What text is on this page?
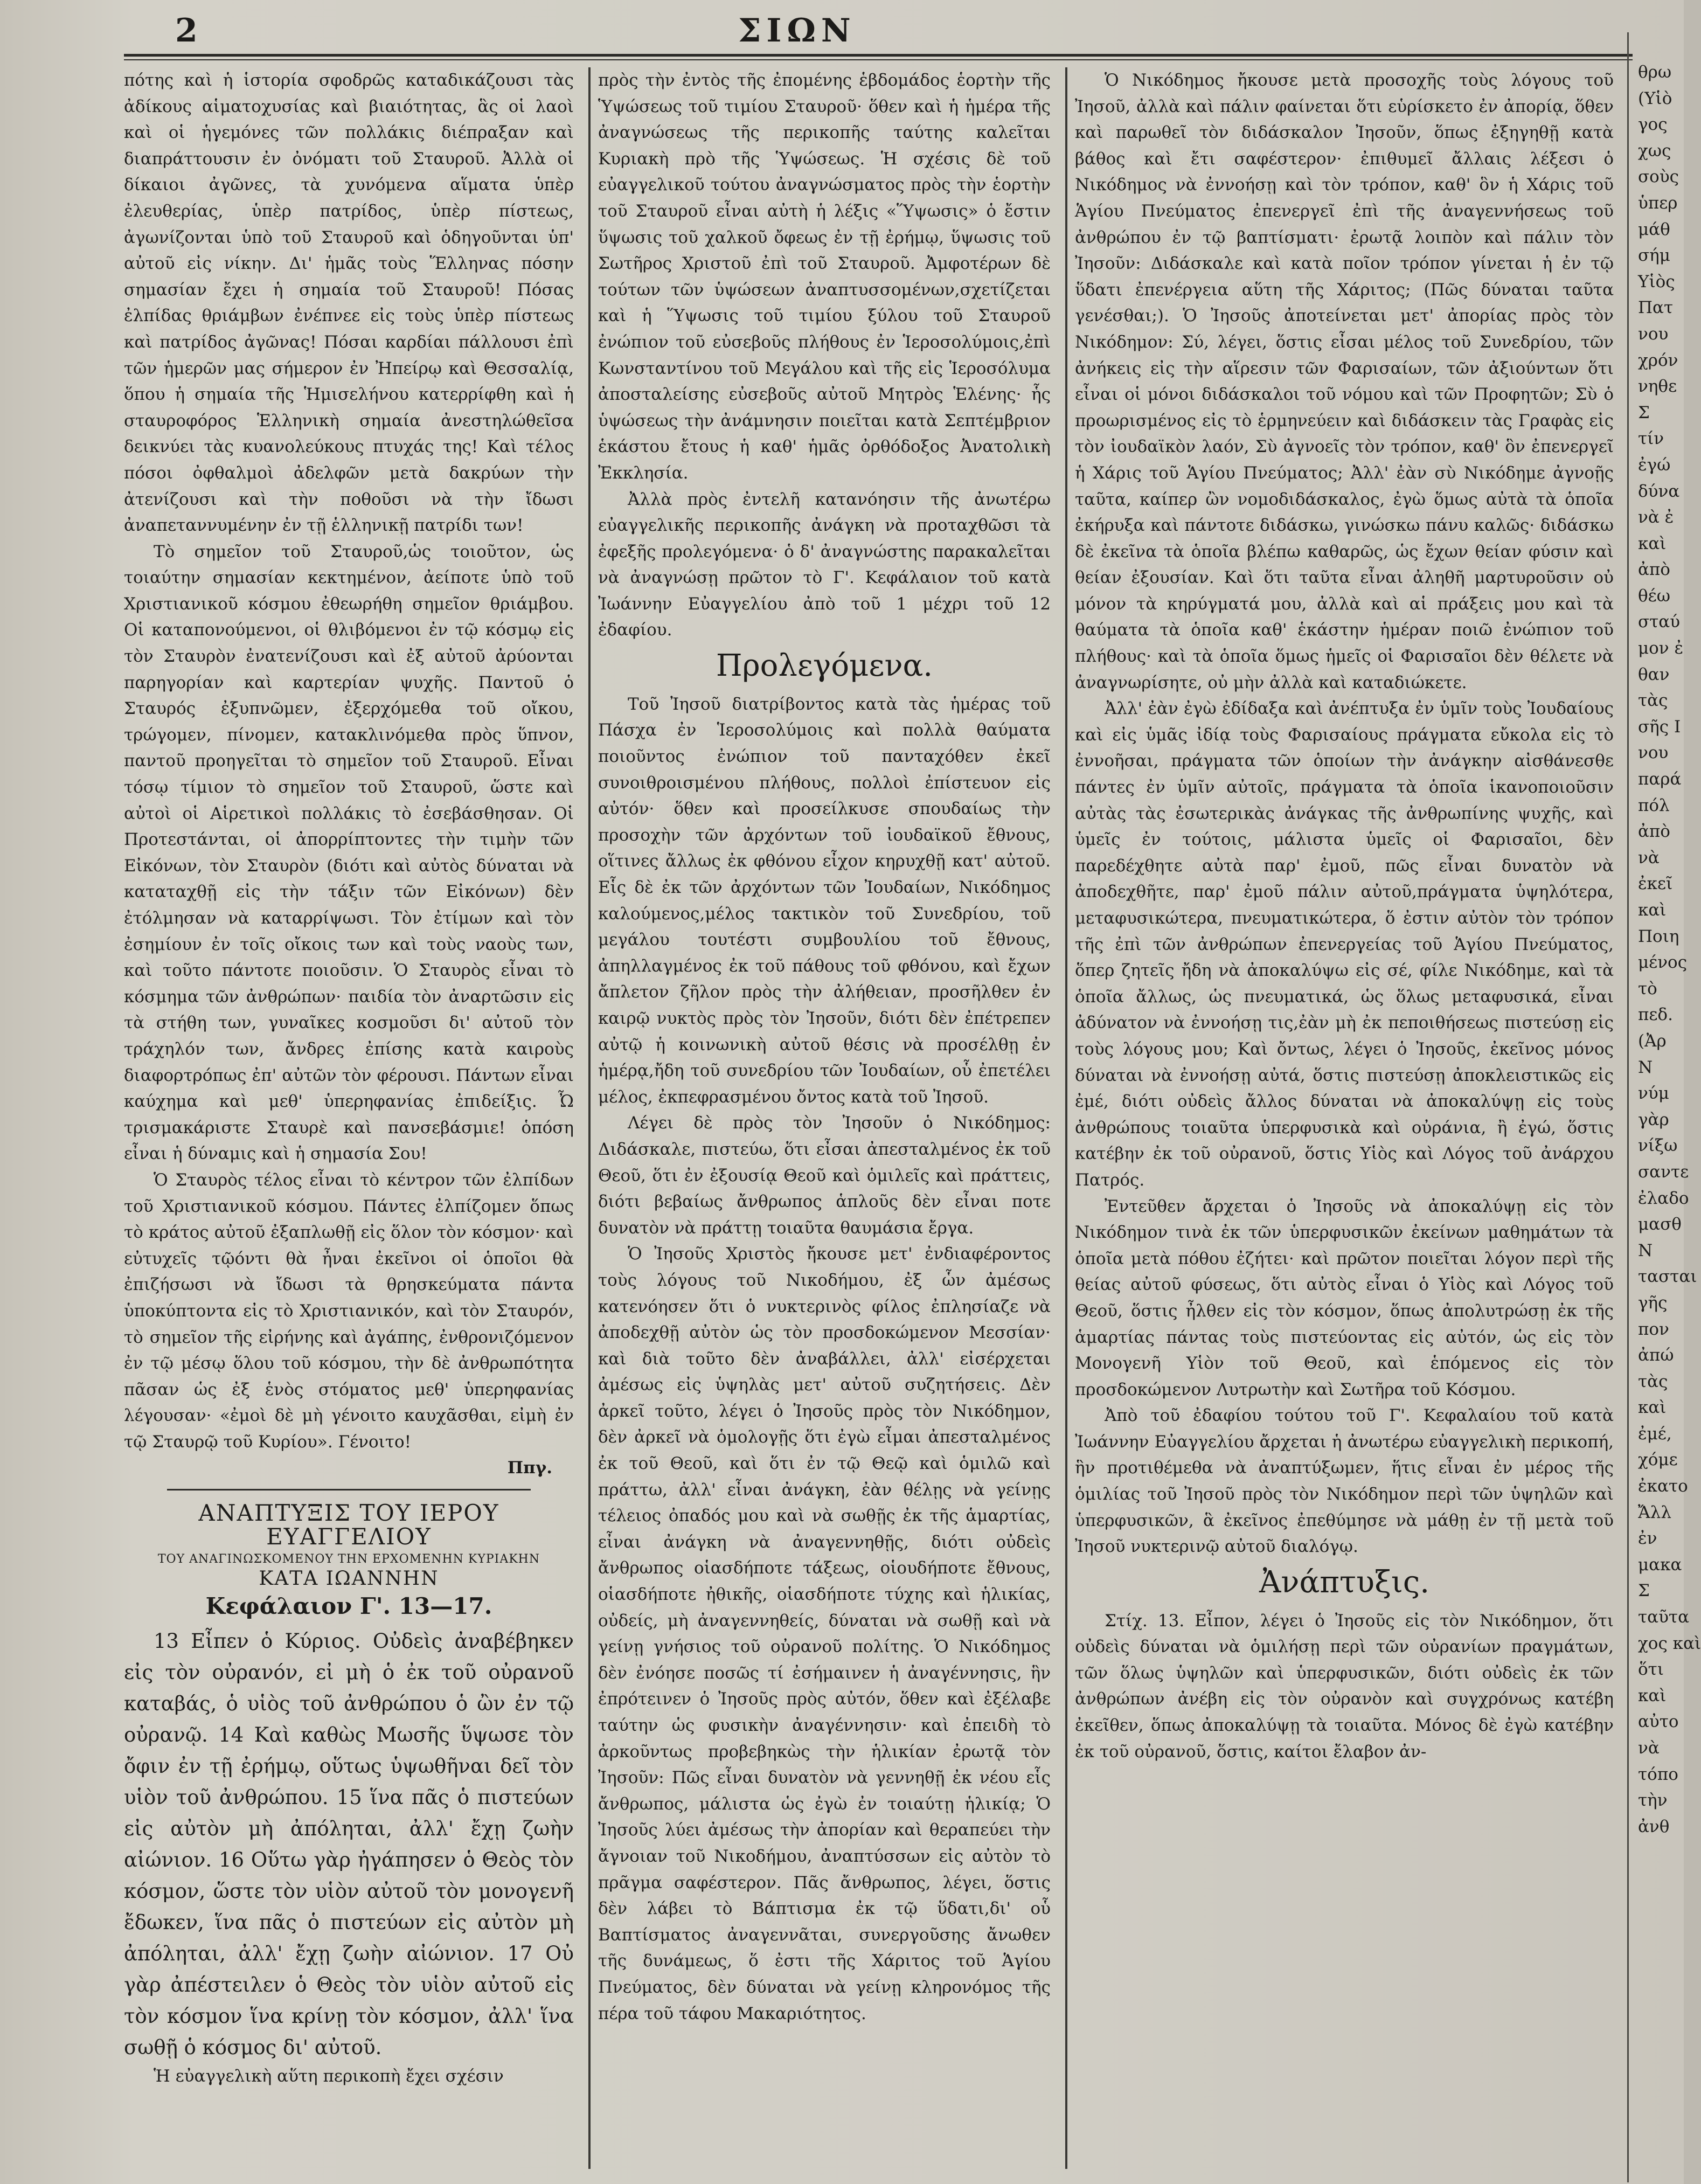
2	ΣΙΩΝ

πότης καὶ ἡ ἱστορία σφοδρῶς καταδικάζουσι τὰς ἀδίκους αἱματοχυσίας καὶ βιαιότητας, ἃς οἱ λαοὶ καὶ οἱ ἡγεμόνες τῶν πολλάκις διέπραξαν καὶ διαπράττουσιν ἐν ὀνόματι τοῦ Σταυροῦ. Ἀλλὰ οἱ δίκαιοι ἀγῶνες, τὰ χυνόμενα αἵματα ὑπὲρ ἐλευθερίας, ὑπὲρ πατρίδος, ὑπὲρ πίστεως, ἀγωνίζονται ὑπὸ τοῦ Σταυροῦ καὶ ὁδηγοῦνται ὑπ' αὐτοῦ εἰς νίκην. Δι' ἡμᾶς τοὺς Ἕλληνας πόσην σημασίαν ἔχει ἡ σημαία τοῦ Σταυροῦ! Πόσας ἐλπίδας θριάμβων ἐνέπνεε εἰς τοὺς ὑπὲρ πίστεως καὶ πατρίδος ἀγῶνας! Πόσαι καρδίαι πάλλουσι ἐπὶ τῶν ἡμερῶν μας σήμερον ἐν Ἠπείρῳ καὶ Θεσσαλίᾳ, ὅπου ἡ σημαία τῆς Ἡμισελήνου κατερρίφθη καὶ ἡ σταυροφόρος Ἑλληνικὴ σημαία ἀνεστηλώθεῖσα δεικνύει τὰς κυανολεύκους πτυχάς της! Καὶ τέλος πόσοι ὀφθαλμοὶ ἀδελφῶν μετὰ δακρύων τὴν ἀτενίζουσι καὶ τὴν ποθοῦσι νὰ τὴν ἴδωσι ἀναπεταννυμένην ἐν τῇ ἑλληνικῇ πατρίδι των!

Τὸ σημεῖον τοῦ Σταυροῦ,ὡς τοιοῦτον, ὡς τοιαύτην σημασίαν κεκτημένον, ἀείποτε ὑπὸ τοῦ Χριστιανικοῦ κόσμου ἐθεωρήθη σημεῖον θριάμβου. Οἱ καταπονούμενοι, οἱ θλιβόμενοι ἐν τῷ κόσμῳ εἰς τὸν Σταυρὸν ἐνατενίζουσι καὶ ἐξ αὐτοῦ ἀρύονται παρηγορίαν καὶ καρτερίαν ψυχῆς. Παντοῦ ὁ Σταυρός ἐξυπνῶμεν, ἐξερχόμεθα τοῦ οἴκου, τρώγομεν, πίνομεν, κατακλινόμεθα πρὸς ὕπνον, παντοῦ προηγεῖται τὸ σημεῖον τοῦ Σταυροῦ. Εἶναι τόσῳ τίμιον τὸ σημεῖον τοῦ Σταυροῦ, ὥστε καὶ αὐτοὶ οἱ Αἱρετικοὶ πολλάκις τὸ ἐσεβάσθησαν. Οἱ Προτεστάνται, οἱ ἀπορρίπτοντες τὴν τιμὴν τῶν Εἰκόνων, τὸν Σταυρὸν (διότι καὶ αὐτὸς δύναται νὰ καταταχθῇ εἰς τὴν τάξιν τῶν Εἰκόνων) δὲν ἐτόλμησαν νὰ καταρρίψωσι. Τὸν ἐτίμων καὶ τὸν ἐσημίουν ἐν τοῖς οἴκοις των καὶ τοὺς ναοὺς των, καὶ τοῦτο πάντοτε ποιοῦσιν. Ὁ Σταυρὸς εἶναι τὸ κόσμημα τῶν ἀνθρώπων· παιδία τὸν ἀναρτῶσιν εἰς τὰ στήθη των, γυναῖκες κοσμοῦσι δι' αὐτοῦ τὸν τράχηλόν των, ἄνδρες ἐπίσης κατὰ καιροὺς διαφορτρόπως ἐπ' αὐτῶν τὸν φέρουσι. Πάντων εἶναι καύχημα καὶ μεθ' ὑπερηφανίας ἐπιδείξις. Ὦ τρισμακάριστε Σταυρὲ καὶ πανσεβάσμιε! ὁπόση εἶναι ἡ δύναμις καὶ ἡ σημασία Σου!

Ὁ Σταυρὸς τέλος εἶναι τὸ κέντρον τῶν ἐλπίδων τοῦ Χριστιανικοῦ κόσμου. Πάντες ἐλπίζομεν ὅπως τὸ κράτος αὐτοῦ ἐξαπλωθῇ εἰς ὅλον τὸν κόσμον· καὶ εὐτυχεῖς τῷόντι θὰ ἦναι ἐκεῖνοι οἱ ὁποῖοι θὰ ἐπιζήσωσι νὰ ἴδωσι τὰ θρησκεύματα πάντα ὑποκύπτοντα εἰς τὸ Χριστιανικόν, καὶ τὸν Σταυρόν, τὸ σημεῖον τῆς εἰρήνης καὶ ἀγάπης, ἐνθρονιζόμενον ἐν τῷ μέσῳ ὅλου τοῦ κόσμου, τὴν δὲ ἀνθρωπότητα πᾶσαν ὡς ἐξ ἑνὸς στόματος μεθ' ὑπερηφανίας λέγουσαν· «ἐμοὶ δὲ μὴ γένοιτο καυχᾶσθαι, εἰμὴ ἐν τῷ Σταυρῷ τοῦ Κυρίου». Γένοιτο!

Ππγ.
ΑΝΑΠΤΥΞΙΣ ΤΟΥ ΙΕΡΟΥ ΕΥΑΓΓΕΛΙΟΥ
ΤΟΥ ΑΝΑΓΙΝΩΣΚΟΜΕΝΟΥ ΤΗΝ ΕΡΧΟΜΕΝΗΝ ΚΥΡΙΑΚΗΝ
ΚΑΤΑ ΙΩΑΝΝΗΝ
Κεφάλαιον Γ'. 13—17.

13 Εἶπεν ὁ Κύριος. Οὐδεὶς ἀναβέβηκεν εἰς τὸν οὐρανόν, εἰ μὴ ὁ ἐκ τοῦ οὐρανοῦ καταβάς, ὁ υἱὸς τοῦ ἀνθρώπου ὁ ὢν ἐν τῷ οὐρανῷ. 14 Καὶ καθὼς Μωσῆς ὕψωσε τὸν ὄφιν ἐν τῇ ἐρήμῳ, οὕτως ὑψωθῆναι δεῖ τὸν υἱὸν τοῦ ἀνθρώπου. 15 ἵνα πᾶς ὁ πιστεύων εἰς αὐτὸν μὴ ἀπόληται, ἀλλ' ἔχῃ ζωὴν αἰώνιον. 16 Οὕτω γὰρ ἠγάπησεν ὁ Θεὸς τὸν κόσμον, ὥστε τὸν υἱὸν αὐτοῦ τὸν μονογενῆ ἔδωκεν, ἵνα πᾶς ὁ πιστεύων εἰς αὐτὸν μὴ ἀπόληται, ἀλλ' ἔχῃ ζωὴν αἰώνιον. 17 Οὐ γὰρ ἀπέστειλεν ὁ Θεὸς τὸν υἱὸν αὐτοῦ εἰς τὸν κόσμον ἵνα κρίνῃ τὸν κόσμον, ἀλλ' ἵνα σωθῇ ὁ κόσμος δι' αὐτοῦ.

Ἡ εὐαγγελικὴ αὕτη περικοπὴ ἔχει σχέσιν

πρὸς τὴν ἐντὸς τῆς ἐπομένης ἑβδομάδος ἑορτὴν τῆς Ὑψώσεως τοῦ τιμίου Σταυροῦ· ὅθεν καὶ ἡ ἡμέρα τῆς ἀναγνώσεως τῆς περικοπῆς ταύτης καλεῖται Κυριακὴ πρὸ τῆς Ὑψώσεως. Ἡ σχέσις δὲ τοῦ εὐαγγελικοῦ τούτου ἀναγνώσματος πρὸς τὴν ἑορτὴν τοῦ Σταυροῦ εἶναι αὐτὴ ἡ λέξις «Ὕψωσις» ὁ ἔστιν ὕψωσις τοῦ χαλκοῦ ὄφεως ἐν τῇ ἐρήμῳ, ὕψωσις τοῦ Σωτῆρος Χριστοῦ ἐπὶ τοῦ Σταυροῦ. Ἀμφοτέρων δὲ τούτων τῶν ὑψώσεων ἀναπτυσσομένων,σχετίζεται καὶ ἡ Ὕψωσις τοῦ τιμίου ξύλου τοῦ Σταυροῦ ἐνώπιον τοῦ εὐσεβοῦς πλήθους ἐν Ἱεροσολύμοις,ἐπὶ Κωνσταντίνου τοῦ Μεγάλου καὶ τῆς εἰς Ἱεροσόλυμα ἀποσταλείσης εὐσεβοῦς αὐτοῦ Μητρὸς Ἑλένης· ἧς ὑψώσεως τὴν ἀνάμνησιν ποιεῖται κατὰ Σεπτέμβριον ἑκάστου ἔτους ἡ καθ' ἡμᾶς ὀρθόδοξος Ἀνατολικὴ Ἐκκλησία.

Ἀλλὰ πρὸς ἐντελῆ κατανόησιν τῆς ἀνωτέρω εὐαγγελικῆς περικοπῆς ἀνάγκη νὰ προταχθῶσι τὰ ἐφεξῆς προλεγόμενα· ὁ δ' ἀναγνώστης παρακαλεῖται νὰ ἀναγνώσῃ πρῶτον τὸ Γ'. Κεφάλαιον τοῦ κατὰ Ἰωάννην Εὐαγγελίου ἀπὸ τοῦ 1 μέχρι τοῦ 12 ἐδαφίου.

Προλεγόμενα.

Τοῦ Ἰησοῦ διατρίβοντος κατὰ τὰς ἡμέρας τοῦ Πάσχα ἐν Ἱεροσολύμοις καὶ πολλὰ θαύματα ποιοῦντος ἐνώπιον τοῦ πανταχόθεν ἐκεῖ συνοιθροισμένου πλήθους, πολλοὶ ἐπίστευον εἰς αὐτόν· ὅθεν καὶ προσείλκυσε σπουδαίως τὴν προσοχὴν τῶν ἀρχόντων τοῦ ἰουδαϊκοῦ ἔθνους, οἵτινες ἄλλως ἐκ φθόνου εἶχον κηρυχθῇ κατ' αὐτοῦ. Εἷς δὲ ἐκ τῶν ἀρχόντων τῶν Ἰουδαίων, Νικόδημος καλούμενος,μέλος τακτικὸν τοῦ Συνεδρίου, τοῦ μεγάλου τουτέστι συμβουλίου τοῦ ἔθνους, ἀπηλλαγμένος ἐκ τοῦ πάθους τοῦ φθόνου, καὶ ἔχων ἄπλετον ζῆλον πρὸς τὴν ἀλήθειαν, προσῆλθεν ἐν καιρῷ νυκτὸς πρὸς τὸν Ἰησοῦν, διότι δὲν ἐπέτρεπεν αὐτῷ ἡ κοινωνικὴ αὐτοῦ θέσις νὰ προσέλθῃ ἐν ἡμέρᾳ,ἤδη τοῦ συνεδρίου τῶν Ἰουδαίων, οὗ ἐπετέλει μέλος, ἐκπεφρασμένου ὄντος κατὰ τοῦ Ἰησοῦ.

Λέγει δὲ πρὸς τὸν Ἰησοῦν ὁ Νικόδημος: Διδάσκαλε, πιστεύω, ὅτι εἶσαι ἀπεσταλμένος ἐκ τοῦ Θεοῦ, ὅτι ἐν ἐξουσίᾳ Θεοῦ καὶ ὁμιλεῖς καὶ πράττεις, διότι βεβαίως ἄνθρωπος ἁπλοῦς δὲν εἶναι ποτε δυνατὸν νὰ πράττῃ τοιαῦτα θαυμάσια ἔργα.

Ὁ Ἰησοῦς Χριστὸς ἤκουσε μετ' ἐνδιαφέροντος τοὺς λόγους τοῦ Νικοδήμου, ἐξ ὧν ἀμέσως κατενόησεν ὅτι ὁ νυκτερινὸς φίλος ἐπλησίαζε νὰ ἀποδεχθῇ αὐτὸν ὡς τὸν προσδοκώμενον Μεσσίαν· καὶ διὰ τοῦτο δὲν ἀναβάλλει, ἀλλ' εἰσέρχεται ἀμέσως εἰς ὑψηλὰς μετ' αὐτοῦ συζητήσεις. Δὲν ἀρκεῖ τοῦτο, λέγει ὁ Ἰησοῦς πρὸς τὸν Νικόδημον, δὲν ἀρκεῖ νὰ ὁμολογῇς ὅτι ἐγὼ εἶμαι ἀπεσταλμένος ἐκ τοῦ Θεοῦ, καὶ ὅτι ἐν τῷ Θεῷ καὶ ὁμιλῶ καὶ πράττω, ἀλλ' εἶναι ἀνάγκη, ἐὰν θέλῃς νὰ γείνῃς τέλειος ὀπαδός μου καὶ νὰ σωθῇς ἐκ τῆς ἁμαρτίας, εἶναι ἀνάγκη νὰ ἀναγεννηθῇς, διότι οὐδεὶς ἄνθρωπος οἱασδήποτε τάξεως, οἱουδήποτε ἔθνους, οἱασδήποτε ἠθικῆς, οἱασδήποτε τύχης καὶ ἡλικίας, οὐδείς, μὴ ἀναγεννηθείς, δύναται νὰ σωθῇ καὶ νὰ γείνῃ γνήσιος τοῦ οὐρανοῦ πολίτης. Ὁ Νικόδημος δὲν ἐνόησε ποσῶς τί ἐσήμαινεν ἡ ἀναγέννησις, ἣν ἐπρότεινεν ὁ Ἰησοῦς πρὸς αὐτόν, ὅθεν καὶ ἐξέλαβε ταύτην ὡς φυσικὴν ἀναγέννησιν· καὶ ἐπειδὴ τὸ ἀρκοῦντως προβεβηκὼς τὴν ἡλικίαν ἐρωτᾷ τὸν Ἰησοῦν: Πῶς εἶναι δυνατὸν νὰ γεννηθῇ ἐκ νέου εἷς ἄνθρωπος, μάλιστα ὡς ἐγὼ ἐν τοιαύτῃ ἡλικίᾳ; Ὁ Ἰησοῦς λύει ἀμέσως τὴν ἀπορίαν καὶ θεραπεύει τὴν ἄγνοιαν τοῦ Νικοδήμου, ἀναπτύσσων εἰς αὐτὸν τὸ πρᾶγμα σαφέστερον. Πᾶς ἄνθρωπος, λέγει, ὅστις δὲν λάβει τὸ Βάπτισμα ἐκ τῷ ὕδατι,δι' οὗ Βαπτίσματος ἀναγεννᾶται, συνεργοῦσης ἄνωθεν τῆς δυνάμεως, ὅ ἐστι τῆς Χάριτος τοῦ Ἁγίου Πνεύματος, δὲν δύναται νὰ γείνῃ κληρονόμος τῆς πέρα τοῦ τάφου Μακαριότητος.

Ὁ Νικόδημος ἤκουσε μετὰ προσοχῆς τοὺς λόγους τοῦ Ἰησοῦ, ἀλλὰ καὶ πάλιν φαίνεται ὅτι εὑρίσκετο ἐν ἀπορίᾳ, ὅθεν καὶ παρωθεῖ τὸν διδάσκαλον Ἰησοῦν, ὅπως ἐξηγηθῇ κατὰ βάθος καὶ ἔτι σαφέστερον· ἐπιθυμεῖ ἄλλαις λέξεσι ὁ Νικόδημος νὰ ἐννοήσῃ καὶ τὸν τρόπον, καθ' ὃν ἡ Χάρις τοῦ Ἁγίου Πνεύματος ἐπενεργεῖ ἐπὶ τῆς ἀναγεννήσεως τοῦ ἀνθρώπου ἐν τῷ βαπτίσματι· ἐρωτᾷ λοιπὸν καὶ πάλιν τὸν Ἰησοῦν: Διδάσκαλε καὶ κατὰ ποῖον τρόπον γίνεται ἡ ἐν τῷ ὕδατι ἐπενέργεια αὕτη τῆς Χάριτος; (Πῶς δύναται ταῦτα γενέσθαι;). Ὁ Ἰησοῦς ἀποτείνεται μετ' ἀπορίας πρὸς τὸν Νικόδημον: Σύ, λέγει, ὅστις εἶσαι μέλος τοῦ Συνεδρίου, τῶν ἀνήκεις εἰς τὴν αἵρεσιν τῶν Φαρισαίων, τῶν ἀξιούντων ὅτι εἶναι οἱ μόνοι διδάσκαλοι τοῦ νόμου καὶ τῶν Προφητῶν; Σὺ ὁ προωρισμένος εἰς τὸ ἑρμηνεύειν καὶ διδάσκειν τὰς Γραφὰς εἰς τὸν ἰουδαϊκὸν λαόν, Σὺ ἀγνοεῖς τὸν τρόπον, καθ' ὃν ἐπενεργεῖ ἡ Χάρις τοῦ Ἁγίου Πνεύματος; Ἀλλ' ἐὰν σὺ Νικόδημε ἀγνοῇς ταῦτα, καίπερ ὢν νομοδιδάσκαλος, ἐγὼ ὅμως αὐτὰ τὰ ὁποῖα ἐκήρυξα καὶ πάντοτε διδάσκω, γινώσκω πάνυ καλῶς· διδάσκω δὲ ἐκεῖνα τὰ ὁποῖα βλέπω καθαρῶς, ὡς ἔχων θείαν φύσιν καὶ θείαν ἐξουσίαν. Καὶ ὅτι ταῦτα εἶναι ἀληθῆ μαρτυροῦσιν οὐ μόνον τὰ κηρύγματά μου, ἀλλὰ καὶ αἱ πράξεις μου καὶ τὰ θαύματα τὰ ὁποῖα καθ' ἑκάστην ἡμέραν ποιῶ ἐνώπιον τοῦ πλήθους· καὶ τὰ ὁποῖα ὅμως ἡμεῖς οἱ Φαρισαῖοι δὲν θέλετε νὰ ἀναγνωρίσητε, οὐ μὴν ἀλλὰ καὶ καταδιώκετε.

Ἀλλ' ἐὰν ἐγὼ ἐδίδαξα καὶ ἀνέπτυξα ἐν ὑμῖν τοὺς Ἰουδαίους καὶ εἰς ὑμᾶς ἰδίᾳ τοὺς Φαρισαίους πράγματα εὔκολα εἰς τὸ ἐννοῆσαι, πράγματα τῶν ὁποίων τὴν ἀνάγκην αἰσθάνεσθε πάντες ἐν ὑμῖν αὐτοῖς, πράγματα τὰ ὁποῖα ἱκανοποιοῦσιν αὐτὰς τὰς ἐσωτερικὰς ἀνάγκας τῆς ἀνθρωπίνης ψυχῆς, καὶ ὑμεῖς ἐν τούτοις, μάλιστα ὑμεῖς οἱ Φαρισαῖοι, δὲν παρεδέχθητε αὐτὰ παρ' ἐμοῦ, πῶς εἶναι δυνατὸν νὰ ἀποδεχθῆτε, παρ' ἐμοῦ πάλιν αὐτοῦ,πράγματα ὑψηλότερα, μεταφυσικώτερα, πνευματικώτερα, ὅ ἐστιν αὐτὸν τὸν τρόπον τῆς ἐπὶ τῶν ἀνθρώπων ἐπενεργείας τοῦ Ἁγίου Πνεύματος, ὅπερ ζητεῖς ἤδη νὰ ἀποκαλύψω εἰς σέ, φίλε Νικόδημε, καὶ τὰ ὁποῖα ἄλλως, ὡς πνευματικά, ὡς ὅλως μεταφυσικά, εἶναι ἀδύνατον νὰ ἐννοήσῃ τις,ἐὰν μὴ ἐκ πεποιθήσεως πιστεύσῃ εἰς τοὺς λόγους μου; Καὶ ὄντως, λέγει ὁ Ἰησοῦς, ἐκεῖνος μόνος δύναται νὰ ἐννοήσῃ αὐτά, ὅστις πιστεύσῃ ἀποκλειστικῶς εἰς ἐμέ, διότι οὐδεὶς ἄλλος δύναται νὰ ἀποκαλύψῃ εἰς τοὺς ἀνθρώπους τοιαῦτα ὑπερφυσικὰ καὶ οὐράνια, ἢ ἐγώ, ὅστις κατέβην ἐκ τοῦ οὐρανοῦ, ὅστις Υἱὸς καὶ Λόγος τοῦ ἀνάρχου Πατρός.

Ἐντεῦθεν ἄρχεται ὁ Ἰησοῦς νὰ ἀποκαλύψῃ εἰς τὸν Νικόδημον τινὰ ἐκ τῶν ὑπερφυσικῶν ἐκείνων μαθημάτων τὰ ὁποῖα μετὰ πόθου ἐζήτει· καὶ πρῶτον ποιεῖται λόγον περὶ τῆς θείας αὐτοῦ φύσεως, ὅτι αὐτὸς εἶναι ὁ Υἱὸς καὶ Λόγος τοῦ Θεοῦ, ὅστις ἦλθεν εἰς τὸν κόσμον, ὅπως ἀπολυτρώσῃ ἐκ τῆς ἁμαρτίας πάντας τοὺς πιστεύοντας εἰς αὐτόν, ὡς εἰς τὸν Μονογενῆ Υἱὸν τοῦ Θεοῦ, καὶ ἑπόμενος εἰς τὸν προσδοκώμενον Λυτρωτὴν καὶ Σωτῆρα τοῦ Κόσμου.

Ἀπὸ τοῦ ἐδαφίου τούτου τοῦ Γ'. Κεφαλαίου τοῦ κατὰ Ἰωάννην Εὐαγγελίου ἄρχεται ἡ ἀνωτέρω εὐαγγελικὴ περικοπή, ἣν προτιθέμεθα νὰ ἀναπτύξωμεν, ἥτις εἶναι ἐν μέρος τῆς ὁμιλίας τοῦ Ἰησοῦ πρὸς τὸν Νικόδημον περὶ τῶν ὑψηλῶν καὶ ὑπερφυσικῶν, ἃ ἐκεῖνος ἐπεθύμησε νὰ μάθῃ ἐν τῇ μετὰ τοῦ Ἰησοῦ νυκτερινῷ αὐτοῦ διαλόγῳ.

Ἀνάπτυξις.

Στίχ. 13. Εἶπον, λέγει ὁ Ἰησοῦς εἰς τὸν Νικόδημον, ὅτι οὐδεὶς δύναται νὰ ὁμιλήσῃ περὶ τῶν οὐρανίων πραγμάτων, τῶν ὅλως ὑψηλῶν καὶ ὑπερφυσικῶν, διότι οὐδεὶς ἐκ τῶν ἀνθρώπων ἀνέβη εἰς τὸν οὐρανὸν καὶ συγχρόνως κατέβη ἐκεῖθεν, ὅπως ἀποκαλύψῃ τὰ τοιαῦτα. Μόνος δὲ ἐγὼ κατέβην ἐκ τοῦ οὐρανοῦ, ὅστις, καίτοι ἔλαβον ἀν-

θρω
(Υἱὸ
γος
χως
σοὺς
ὑπερ
μάθ
σήμ
Υἱὸς
Πατ
νου
χρόν
νηθε
Σ
τίν
ἐγώ
δύνα
νὰ ἐ
καὶ
ἀπὸ
θέω
σταύ
μον ἐ
θαν
τὰς
σῆς Ι
νου
παρά
πόλ
ἀπὸ
νὰ
ἐκεῖ
καὶ
Ποιη
μένος
τὸ
πεδ.
(Ἀρ
Ν
νύμ
γὰρ
νίξω
σαντε
ἐλαδο
μασθ
Ν
τασται
γῆς
πον
ἀπώ
τὰς
καὶ
ἐμέ,
χόμε
ἐκατο
Ἄλλ
ἐν
μακα
Σ
ταῦτα
χος καὶ
ὅτι
καὶ
αὐτο
νὰ
τόπο
τὴν
ἀνθ
